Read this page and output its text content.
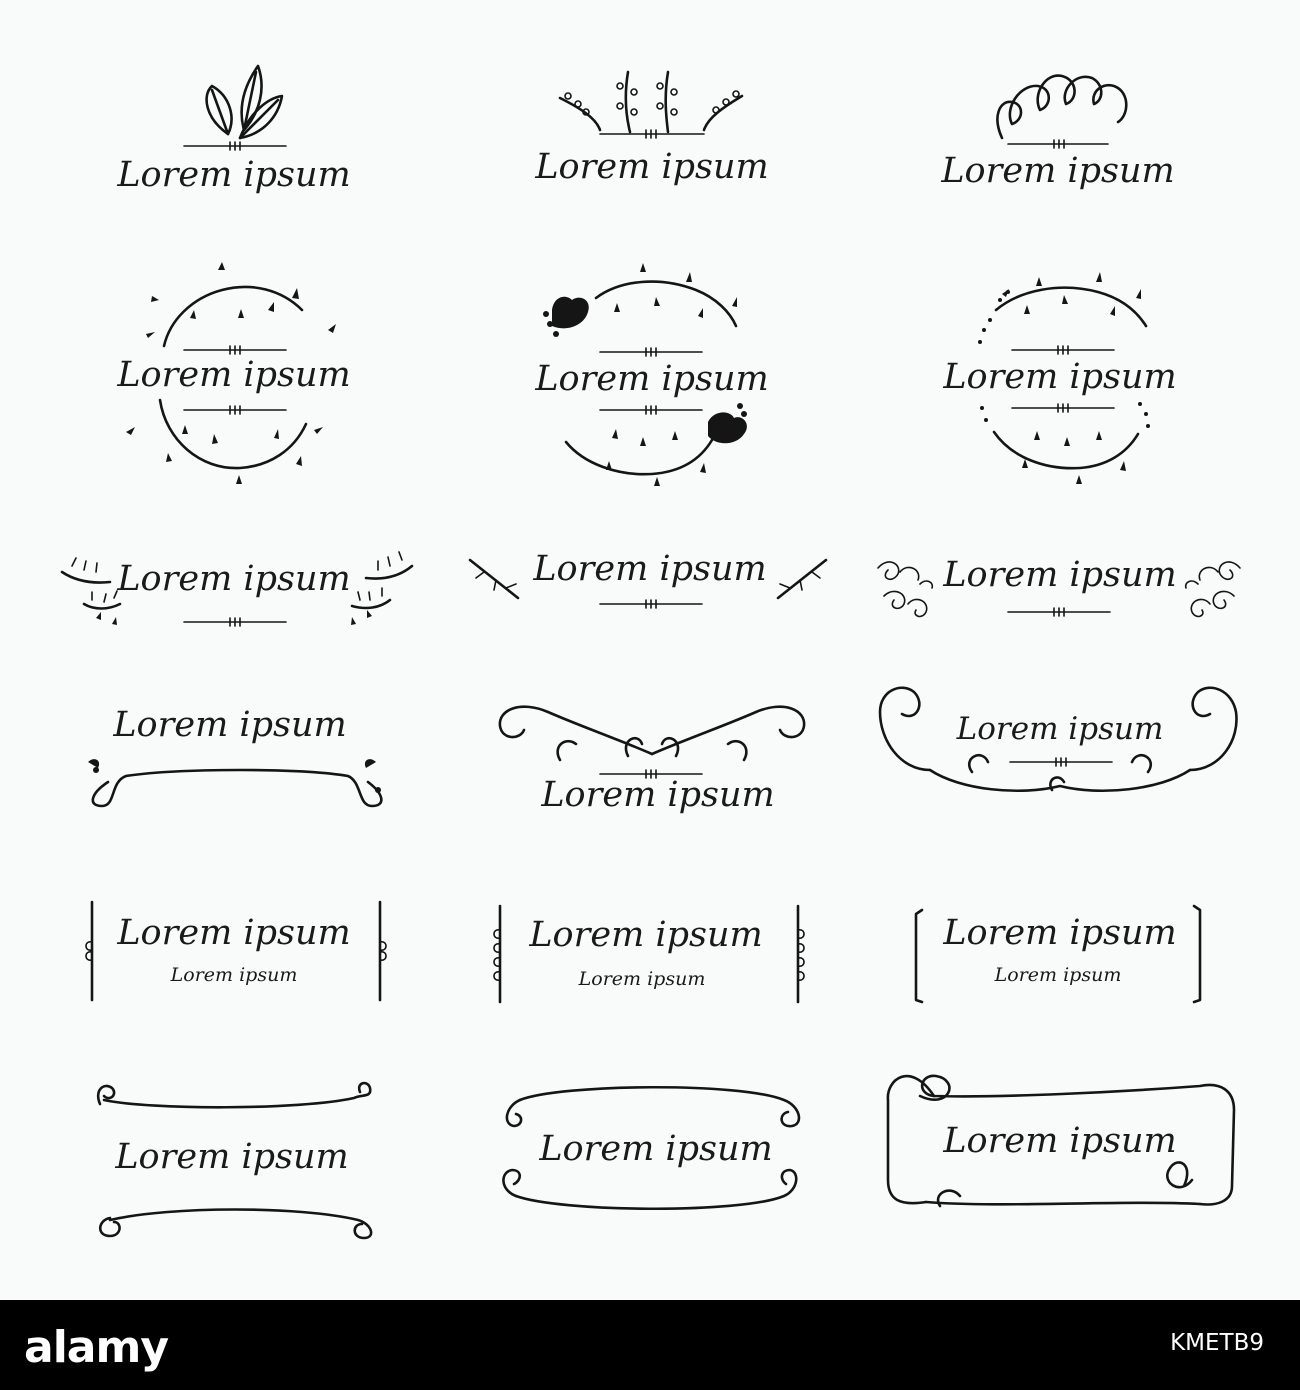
Lorem ipsum	Lorem ipsum	Lorem ipsum
Lorem ipsum	Lorem ipsum	Lorem ipsum
Lorem ipsum	Lorem ipsum	Lorem ipsum
Lorem ipsum
Lorem ipsum
Lorem ipsum
Lorem ipsum
Lorem ipsum
Lorem ipsum
Lorem ipsum
Lorem ipsum
Lorem ipsum
Lorem ipsum	Lorem ipsum	Lorem ipsum
alamy	KMETB9
